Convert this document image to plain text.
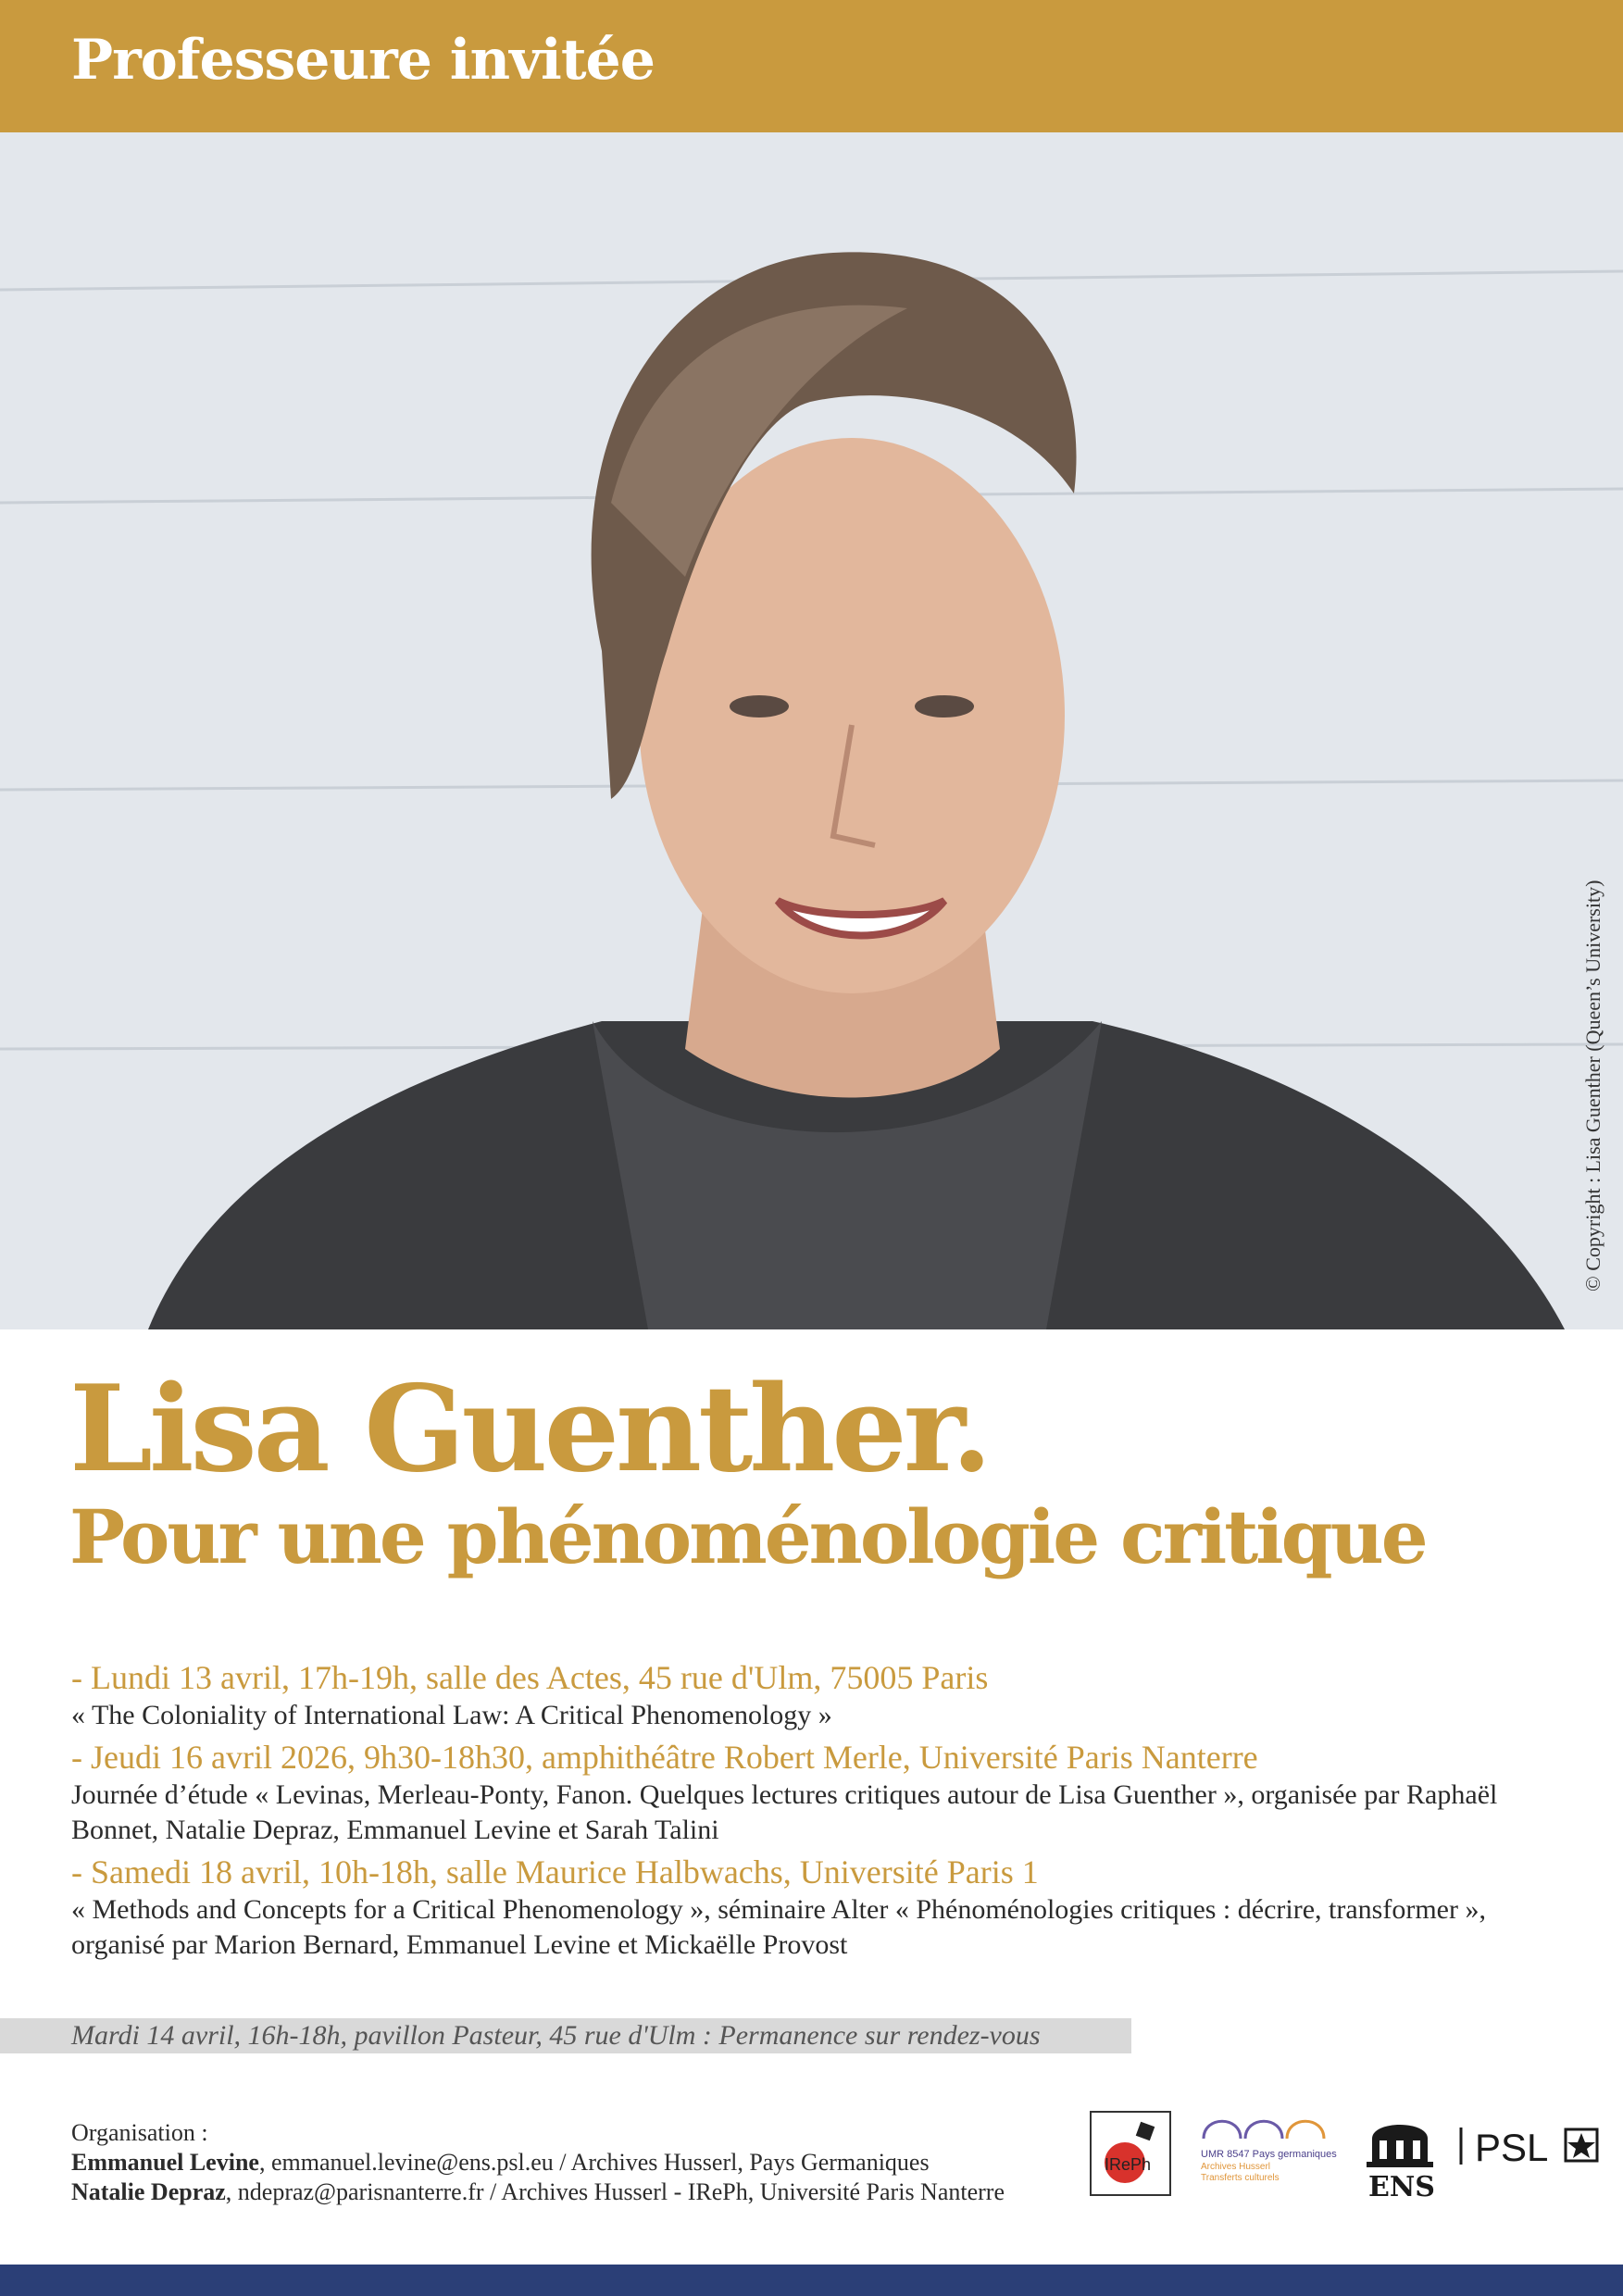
Professeure invitée
© Copyright : Lisa Guenther (Queen’s University)
Lisa Guenther.
Pour une phénoménologie critique
- Lundi 13 avril, 17h-19h, salle des Actes, 45 rue d'Ulm, 75005 Paris
« The Coloniality of International Law: A Critical Phenomenology »
- Jeudi 16 avril 2026, 9h30-18h30, amphithéâtre Robert Merle, Université Paris Nanterre
Journée d’étude « Levinas, Merleau-Ponty, Fanon. Quelques lectures critiques autour de Lisa Guenther », organisée par Raphaël Bonnet, Natalie Depraz, Emmanuel Levine et Sarah Talini
- Samedi 18 avril, 10h-18h, salle Maurice Halbwachs, Université Paris 1
« Methods and Concepts for a Critical Phenomenology », séminaire Alter « Phénoménologies critiques : décrire, transformer », organisé par Marion Bernard, Emmanuel Levine et Mickaëlle Provost
Mardi 14 avril, 16h-18h, pavillon Pasteur, 45 rue d'Ulm : Permanence sur rendez-vous
Organisation :
Emmanuel Levine, emmanuel.levine@ens.psl.eu / Archives Husserl, Pays Germaniques
Natalie Depraz, ndepraz@parisnanterre.fr / Archives Husserl - IRePh, Université Paris Nanterre
IRePh
UMR 8547 Pays germaniques
Archives Husserl
Transferts culturels	ENS
PSL
